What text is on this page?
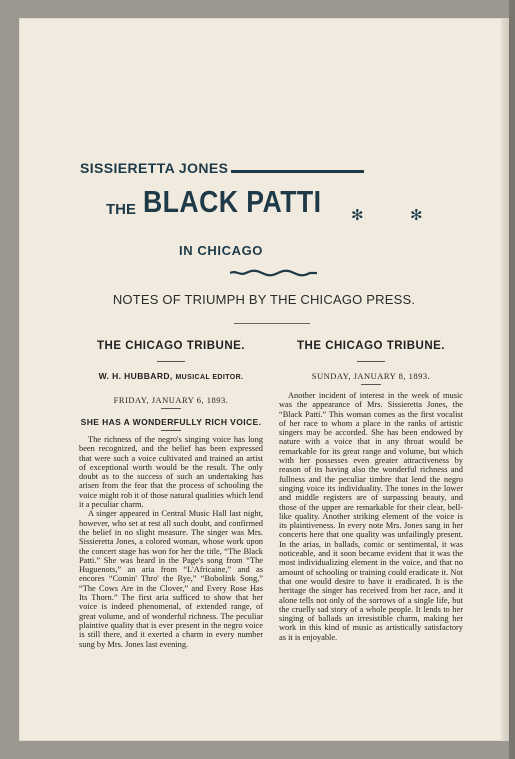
SISSIERETTA JONES
THE BLACK PATTI ✻	✻
IN CHICAGO
NOTES OF TRIUMPH BY THE CHICAGO PRESS.
THE CHICAGO TRIBUNE.

W. H. HUBBARD, MUSICAL EDITOR.

FRIDAY, JANUARY 6, 1893.

SHE HAS A WONDERFULLY RICH VOICE.

The richness of the negro's singing voice has long been recognized, and the belief has been expressed that were such a voice cultivated and trained an artist of exceptional worth would be the result. The only doubt as to the success of such an undertaking has arisen from the fear that the process of schooling the voice might rob it of those natural qualities which lend it a peculiar charm.

A singer appeared in Central Music Hall last night, however, who set at rest all such doubt, and confirmed the belief in no slight measure. The singer was Mrs. Sissieretta Jones, a colored woman, whose work upon the concert stage has won for her the title, “The Black Patti.” She was heard in the Page's song from “The Huguenots,” an aria from “L'Africaine,” and as encores “Comin' Thro' the Rye,” “Bobolink Song,” “The Cows Are in the Clover,” and Every Rose Has Its Thorn.” The first aria sufficed to show that her voice is indeed phenomenal, of extended range, of great volume, and of wonderful richness. The peculiar plaintive quality that is ever present in the negro voice is still there, and it exerted a charm in every number sung by Mrs. Jones last evening.

THE CHICAGO TRIBUNE.

SUNDAY, JANUARY 8, 1893.

Another incident of interest in the week of music was the appearance of Mrs. Sissieretta Jones, the “Black Patti.” This woman comes as the first vocalist of her race to whom a place in the ranks of artistic singers may be accorded. She has been endowed by nature with a voice that in any throat would be remarkable for its great range and volume, but which with her possesses even greater attractiveness by reason of its having also the wonderful richness and fullness and the peculiar timbre that lend the negro singing voice its individuality. The tones in the lower and middle registers are of surpassing beauty, and those of the upper are remarkable for their clear, bell-like quality. Another striking element of the voice is its plaintiveness. In every note Mrs. Jones sang in her concerts here that one quality was unfailingly present. In the arias, in ballads, comic or sentimental, it was noticeable, and it soon became evident that it was the most individualizing element in the voice, and that no amount of schooling or training could eradicate it. Not that one would desire to have it eradicated. It is the heritage the singer has received from her race, and it alone tells not only of the sorrows of a single life, but the cruelly sad story of a whole people. It lends to her singing of ballads an irresistible charm, making her work in this kind of music as artistically satisfactory as it is enjoyable.
